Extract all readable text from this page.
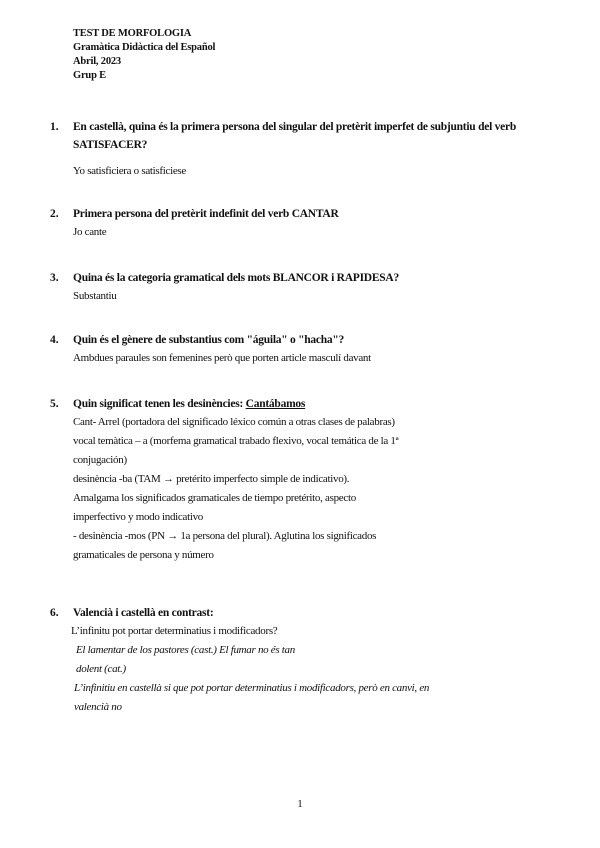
TEST DE MORFOLOGIA
Gramàtica Didàctica del Español
Abril, 2023
Grup E
1.	En castellà, quina és la primera persona del singular del pretèrit imperfet de subjuntiu del verb
SATISFACER?
Yo satisficiera o satisficiese
2.	Primera persona del pretèrit indefinit del verb CANTAR
Jo cante
3.	Quina és la categoria gramatical dels mots BLANCOR i RAPIDESA?
Substantiu
4.	Quin és el gènere de substantius com "águila" o "hacha"?
Ambdues paraules son femenines però que porten article masculí davant
5.	Quin significat tenen les desinències: Cantábamos
Cant- Arrel (portadora del significado léxico común a otras clases de palabras)
vocal temàtica – a (morfema gramatical trabado flexivo, vocal temática de la 1ª
conjugación)
desinència -ba (TAM → pretérito imperfecto simple de indicativo).
Amalgama los significados gramaticales de tiempo pretérito, aspecto
imperfectivo y modo indicativo
- desinència -mos (PN → 1a persona del plural). Aglutina los significados
gramaticales de persona y número
6.	Valencià i castellà en contrast:
L’infinitu pot portar determinatius i modificadors?
El lamentar de los pastores (cast.) El fumar no és tan
dolent (cat.)
L’infinitiu en castellà si que pot portar determinatius i modificadors, però en canvi, en
valencià no
1
